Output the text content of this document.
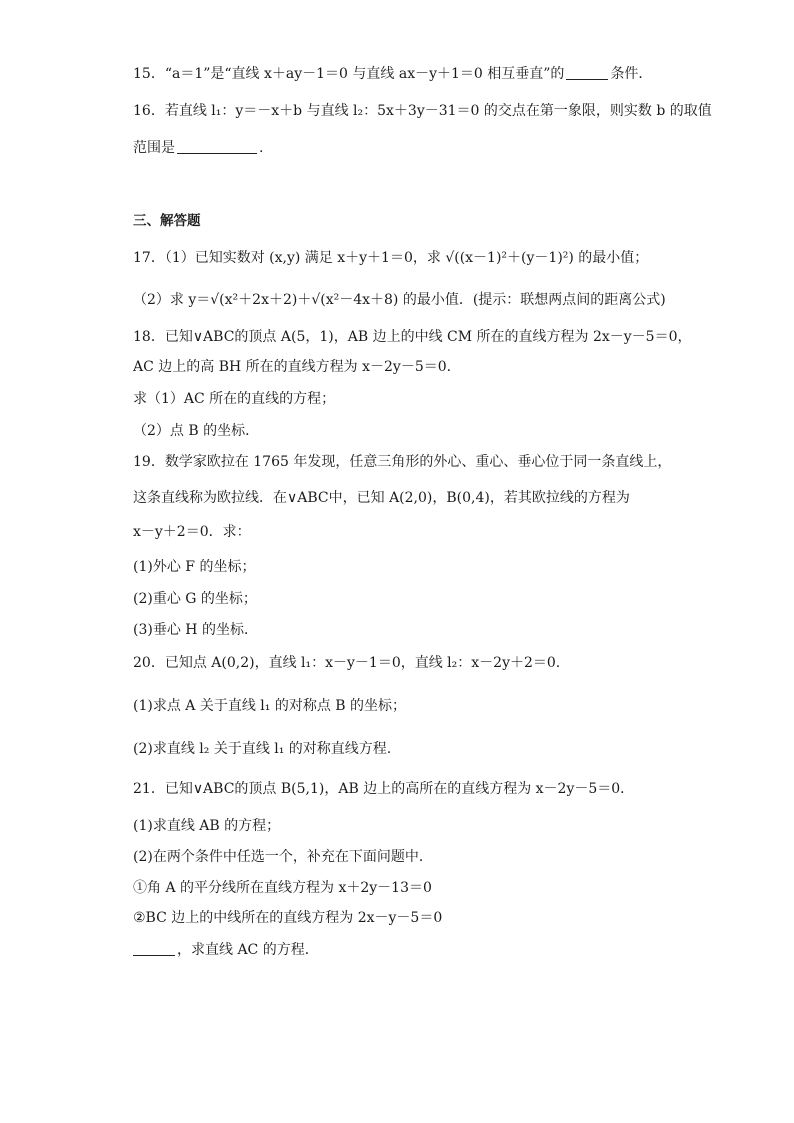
15．“a＝1”是“直线 x＋ay－1＝0 与直线 ax－y＋1＝0 相互垂直”的	条件．
16．若直线 l₁：y＝－x＋b 与直线 l₂：5x＋3y－31＝0 的交点在第一象限，则实数 b 的取值
范围是	.
三、解答题
17．（1）已知实数对 (x,y) 满足 x＋y＋1＝0，求 √((x－1)²＋(y－1)²) 的最小值；
（2）求 y＝√(x²＋2x＋2)＋√(x²－4x＋8) 的最小值．(提示：联想两点间的距离公式)
18．已知∨ABC的顶点 A(5，1)，AB 边上的中线 CM 所在的直线方程为 2x－y－5＝0，
AC 边上的高 BH 所在的直线方程为 x－2y－5＝0.
求（1）AC 所在的直线的方程；
（2）点 B 的坐标．
19．数学家欧拉在 1765 年发现，任意三角形的外心、重心、垂心位于同一条直线上，
这条直线称为欧拉线．在∨ABC中，已知 A(2,0)，B(0,4)，若其欧拉线的方程为
x－y＋2＝0．求：
(1)外心 F 的坐标；
(2)重心 G 的坐标；
(3)垂心 H 的坐标．
20．已知点 A(0,2)，直线 l₁：x－y－1＝0，直线 l₂：x－2y＋2＝0.
(1)求点 A 关于直线 l₁ 的对称点 B 的坐标；
(2)求直线 l₂ 关于直线 l₁ 的对称直线方程.
21．已知∨ABC的顶点 B(5,1)，AB 边上的高所在的直线方程为 x－2y－5＝0．
(1)求直线 AB 的方程；
(2)在两个条件中任选一个，补充在下面问题中．
①角 A 的平分线所在直线方程为 x＋2y－13＝0
②BC 边上的中线所在的直线方程为 2x－y－5＝0
，求直线 AC 的方程．
